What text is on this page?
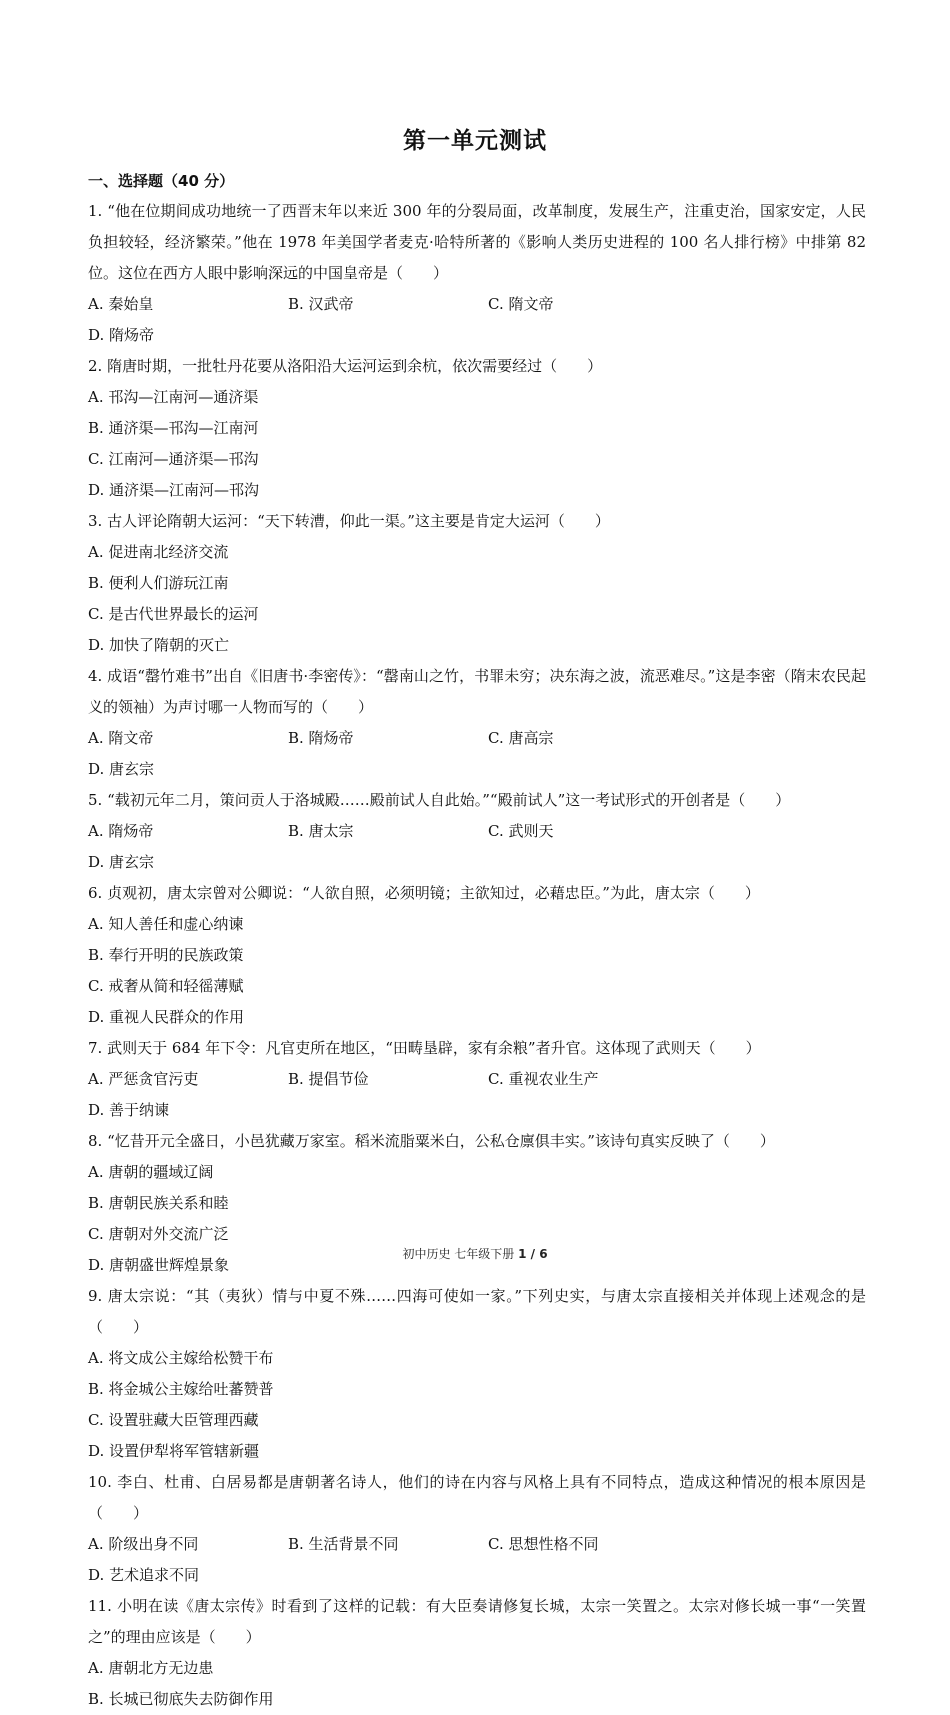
第一单元测试
一、选择题（40 分）

1. “他在位期间成功地统一了西晋末年以来近 300 年的分裂局面，改革制度，发展生产，注重吏治，国家安定，人民负担较轻，经济繁荣。”他在 1978 年美国学者麦克·哈特所著的《影响人类历史进程的 100 名人排行榜》中排第 82 位。这位在西方人眼中影响深远的中国皇帝是（　　）

A. 秦始皇	B. 汉武帝	C. 隋文帝
D. 隋炀帝

2. 隋唐时期，一批牡丹花要从洛阳沿大运河运到余杭，依次需要经过（　　）

A. 邗沟—江南河—通济渠
B. 通济渠—邗沟—江南河
C. 江南河—通济渠—邗沟
D. 通济渠—江南河—邗沟

3. 古人评论隋朝大运河：“天下转漕，仰此一渠。”这主要是肯定大运河（　　）

A. 促进南北经济交流
B. 便利人们游玩江南
C. 是古代世界最长的运河
D. 加快了隋朝的灭亡

4. 成语“罄竹难书”出自《旧唐书·李密传》：“罄南山之竹，书罪未穷；决东海之波，流恶难尽。”这是李密（隋末农民起义的领袖）为声讨哪一人物而写的（　　）

A. 隋文帝	B. 隋炀帝	C. 唐高宗
D. 唐玄宗

5. “载初元年二月，策问贡人于洛城殿……殿前试人自此始。”“殿前试人”这一考试形式的开创者是（　　）

A. 隋炀帝	B. 唐太宗	C. 武则天
D. 唐玄宗

6. 贞观初，唐太宗曾对公卿说：“人欲自照，必须明镜；主欲知过，必藉忠臣。”为此，唐太宗（　　）

A. 知人善任和虚心纳谏
B. 奉行开明的民族政策
C. 戒奢从简和轻徭薄赋
D. 重视人民群众的作用

7. 武则天于 684 年下令：凡官吏所在地区，“田畴垦辟，家有余粮”者升官。这体现了武则天（　　）

A. 严惩贪官污吏	B. 提倡节俭	C. 重视农业生产
D. 善于纳谏

8. “忆昔开元全盛日，小邑犹藏万家室。稻米流脂粟米白，公私仓廪俱丰实。”该诗句真实反映了（　　）

A. 唐朝的疆域辽阔
B. 唐朝民族关系和睦
C. 唐朝对外交流广泛
D. 唐朝盛世辉煌景象

9. 唐太宗说：“其（夷狄）情与中夏不殊……四海可使如一家。”下列史实，与唐太宗直接相关并体现上述观念的是（　　）

A. 将文成公主嫁给松赞干布
B. 将金城公主嫁给吐蕃赞普
C. 设置驻藏大臣管理西藏
D. 设置伊犁将军管辖新疆

10. 李白、杜甫、白居易都是唐朝著名诗人，他们的诗在内容与风格上具有不同特点，造成这种情况的根本原因是（　　）

A. 阶级出身不同	B. 生活背景不同	C. 思想性格不同
D. 艺术追求不同

11. 小明在读《唐太宗传》时看到了这样的记载：有大臣奏请修复长城，太宗一笑置之。太宗对修长城一事“一笑置之”的理由应该是（　　）

A. 唐朝北方无边患
B. 长城已彻底失去防御作用
初中历史 七年级下册 1 / 6
